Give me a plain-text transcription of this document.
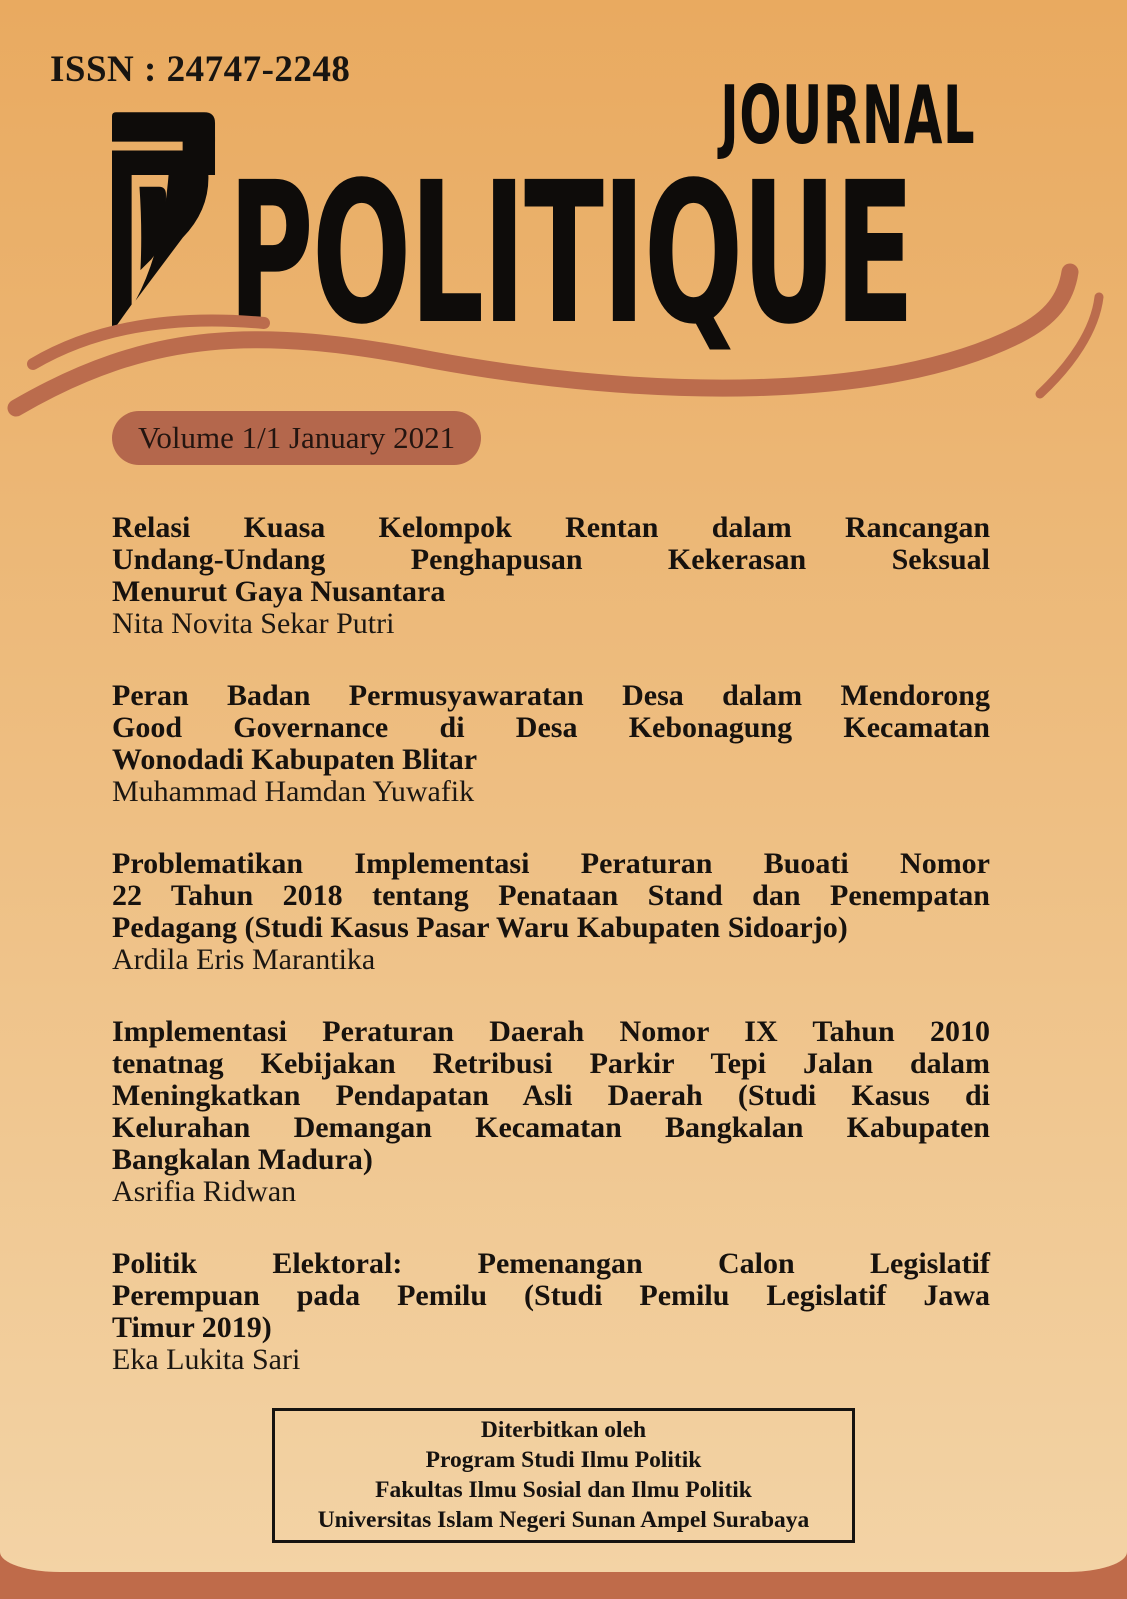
ISSN : 24747-2248	JOURNAL
POLITIQUE
Volume 1/1 January 2021
Relasi Kuasa Kelompok Rentan dalam Rancangan
Undang-Undang Penghapusan Kekerasan Seksual
Menurut Gaya Nusantara
Nita Novita Sekar Putri
Peran Badan Permusyawaratan Desa dalam Mendorong
Good Governance di Desa Kebonagung Kecamatan
Wonodadi Kabupaten Blitar
Muhammad Hamdan Yuwafik
Problematikan Implementasi Peraturan Buoati Nomor
22 Tahun 2018 tentang Penataan Stand dan Penempatan
Pedagang (Studi Kasus Pasar Waru Kabupaten Sidoarjo)
Ardila Eris Marantika
Implementasi Peraturan Daerah Nomor IX Tahun 2010
tenatnag Kebijakan Retribusi Parkir Tepi Jalan dalam
Meningkatkan Pendapatan Asli Daerah (Studi Kasus di
Kelurahan Demangan Kecamatan Bangkalan Kabupaten
Bangkalan Madura)
Asrifia Ridwan
Politik Elektoral: Pemenangan Calon Legislatif
Perempuan pada Pemilu (Studi Pemilu Legislatif Jawa
Timur 2019)
Eka Lukita Sari
Diterbitkan oleh
Program Studi Ilmu Politik
Fakultas Ilmu Sosial dan Ilmu Politik
Universitas Islam Negeri Sunan Ampel Surabaya
